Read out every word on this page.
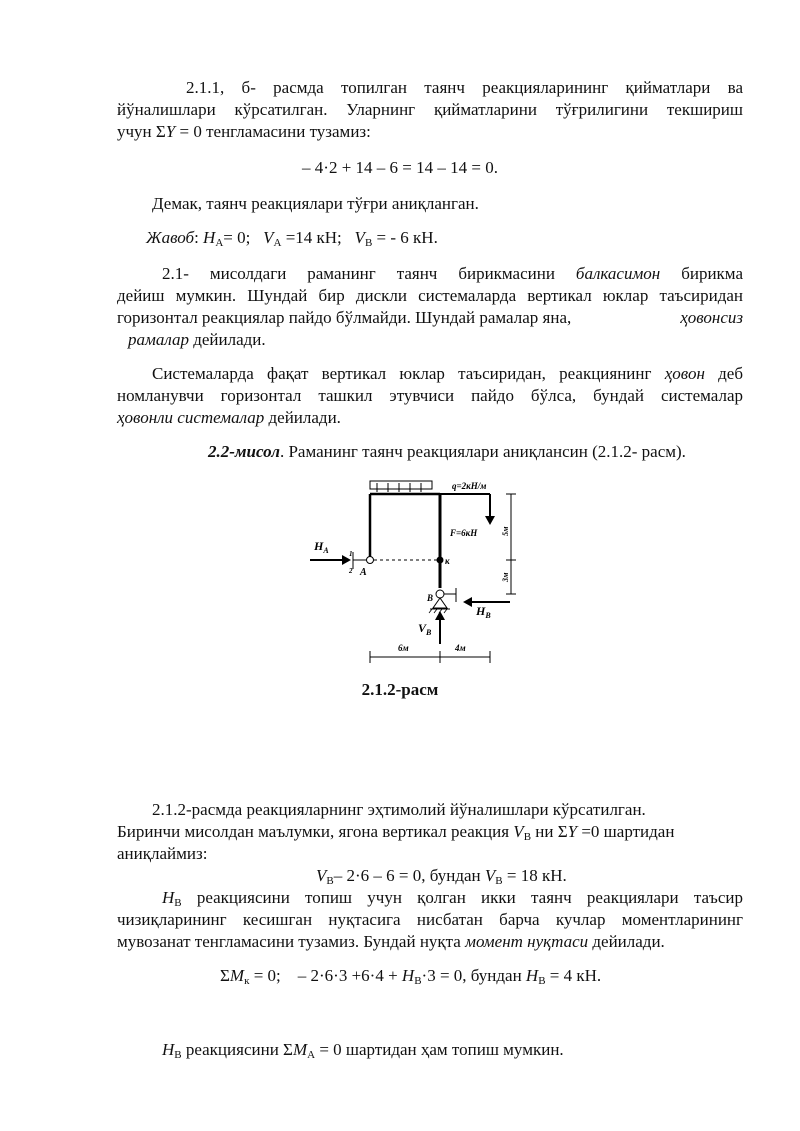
2.1.1, б- расмда топилган таянч реакцияларининг қийматлари ва
йўналишлари кўрсатилган. Уларнинг қийматларини тўғрилигини текшириш
учун ΣY = 0 тенгламасини тузамиз:
– 4·2 + 14 – 6 = 14 – 14 = 0.
Демак, таянч реакциялари тўғри аниқланган.
Жавоб: $H_A= 0$; $V_A =14$ кН; $V_B$ = - 6 кН.
2.1- мисолдаги раманинг таянч бирикмасини балкасимон бирикма
дейиш мумкин. Шундай бир дискли системаларда вертикал юклар таъсиридан
горизонтал реакциялар пайдо бўлмайди. Шундай рамалар яна,	ҳовонсиз
рамалар дейилади.
Системаларда фақат вертикал юклар таъсиридан, реакциянинг ҳовон деб
номланувчи горизонтал ташкил этувчиси пайдо бўлса, бундай системалар
ҳовонли системалар дейилади.
2.2-мисол. Раманинг таянч реакциялари аниқлансин (2.1.2- расм).
q=2кН/м
F=6кН
к
1
2 A
$H_A$
B
$H_B$
$V_B$
5м
3м
6м	4м
2.1.2-расм
2.1.2-расмда реакцияларнинг эҳтимолий йўналишлари кўрсатилган.
Биринчи мисолдан маълумки, ягона вертикал реакция $V_B$ ни ΣY =0 шартидан
аниқлаймиз:
$V_B-$ 2·6 – 6 = 0, бундан $V_B = 18$ кН.
$H_B$ реакциясини топиш учун қолган икки таянч реакциялари таъсир
чизиқларининг кесишган нуқтасига нисбатан барча кучлар моментларининг
мувозанат тенгламасини тузамиз. Бундай нуқта момент нуқтаси дейилади.
$\Sigma M_к = 0$;    – $2\cdot 6\cdot 3 +6\cdot 4 + H_B\cdot 3 = 0$, бундан $H_B = 4$ кН.
$H_B$ реакциясини $\Sigma M_A = 0$ шартидан ҳам топиш мумкин.
